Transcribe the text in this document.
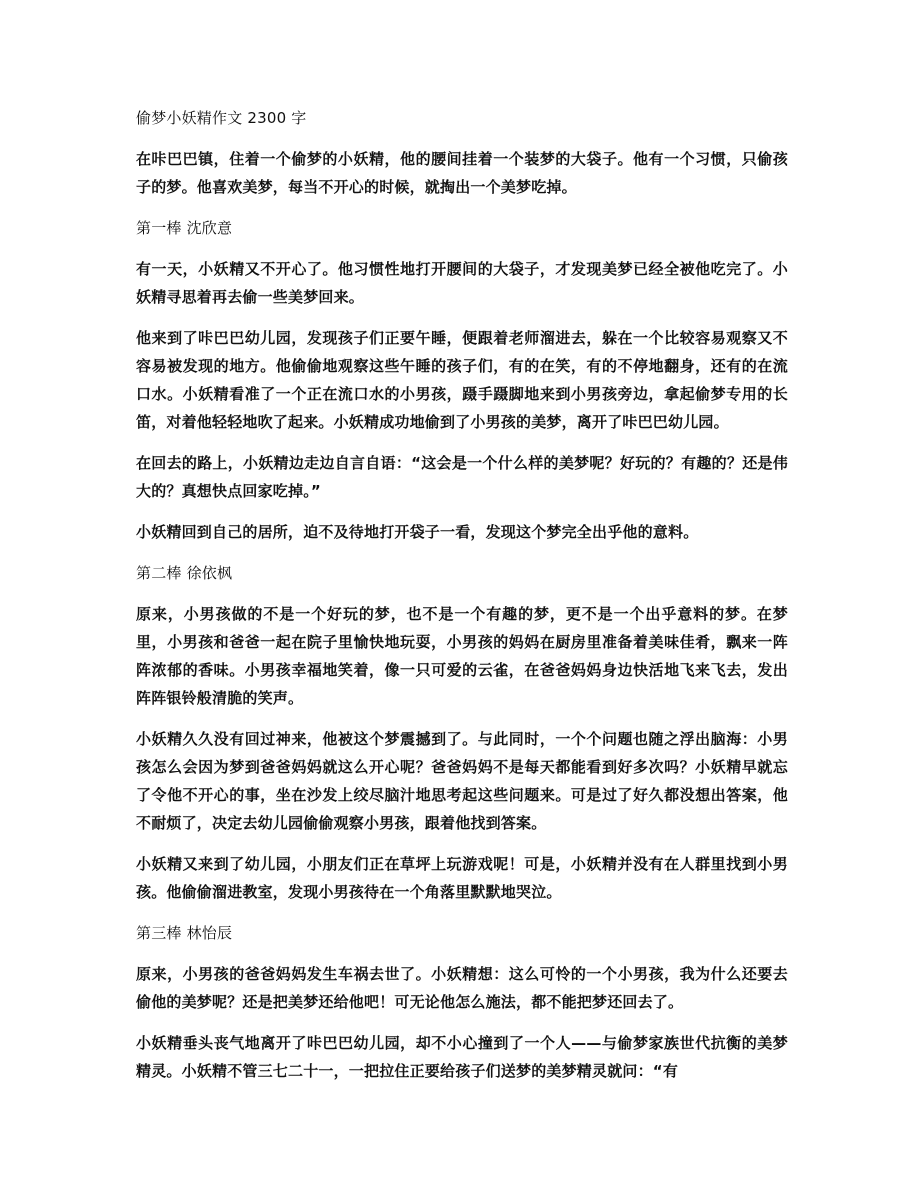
偷梦小妖精作文 2300 字

在咔巴巴镇，住着一个偷梦的小妖精，他的腰间挂着一个装梦的大袋子。他有一个习惯，只偷孩子的梦。他喜欢美梦，每当不开心的时候，就掏出一个美梦吃掉。

第一棒 沈欣意

有一天，小妖精又不开心了。他习惯性地打开腰间的大袋子，才发现美梦已经全被他吃完了。小妖精寻思着再去偷一些美梦回来。

他来到了咔巴巴幼儿园，发现孩子们正要午睡，便跟着老师溜进去，躲在一个比较容易观察又不容易被发现的地方。他偷偷地观察这些午睡的孩子们，有的在笑，有的不停地翻身，还有的在流口水。小妖精看准了一个正在流口水的小男孩，蹑手蹑脚地来到小男孩旁边，拿起偷梦专用的长笛，对着他轻轻地吹了起来。小妖精成功地偷到了小男孩的美梦，离开了咔巴巴幼儿园。

在回去的路上，小妖精边走边自言自语：“这会是一个什么样的美梦呢？好玩的？有趣的？还是伟大的？真想快点回家吃掉。”

小妖精回到自己的居所，迫不及待地打开袋子一看，发现这个梦完全出乎他的意料。

第二棒 徐依枫

原来，小男孩做的不是一个好玩的梦，也不是一个有趣的梦，更不是一个出乎意料的梦。在梦里，小男孩和爸爸一起在院子里愉快地玩耍，小男孩的妈妈在厨房里准备着美味佳肴，飘来一阵阵浓郁的香味。小男孩幸福地笑着，像一只可爱的云雀，在爸爸妈妈身边快活地飞来飞去，发出阵阵银铃般清脆的笑声。

小妖精久久没有回过神来，他被这个梦震撼到了。与此同时，一个个问题也随之浮出脑海：小男孩怎么会因为梦到爸爸妈妈就这么开心呢？爸爸妈妈不是每天都能看到好多次吗？小妖精早就忘了令他不开心的事，坐在沙发上绞尽脑汁地思考起这些问题来。可是过了好久都没想出答案，他不耐烦了，决定去幼儿园偷偷观察小男孩，跟着他找到答案。

小妖精又来到了幼儿园，小朋友们正在草坪上玩游戏呢！可是，小妖精并没有在人群里找到小男孩。他偷偷溜进教室，发现小男孩待在一个角落里默默地哭泣。

第三棒 林怡辰

原来，小男孩的爸爸妈妈发生车祸去世了。小妖精想：这么可怜的一个小男孩，我为什么还要去偷他的美梦呢？还是把美梦还给他吧！可无论他怎么施法，都不能把梦还回去了。

小妖精垂头丧气地离开了咔巴巴幼儿园，却不小心撞到了一个人——与偷梦家族世代抗衡的美梦精灵。小妖精不管三七二十一，一把拉住正要给孩子们送梦的美梦精灵就问：“有
